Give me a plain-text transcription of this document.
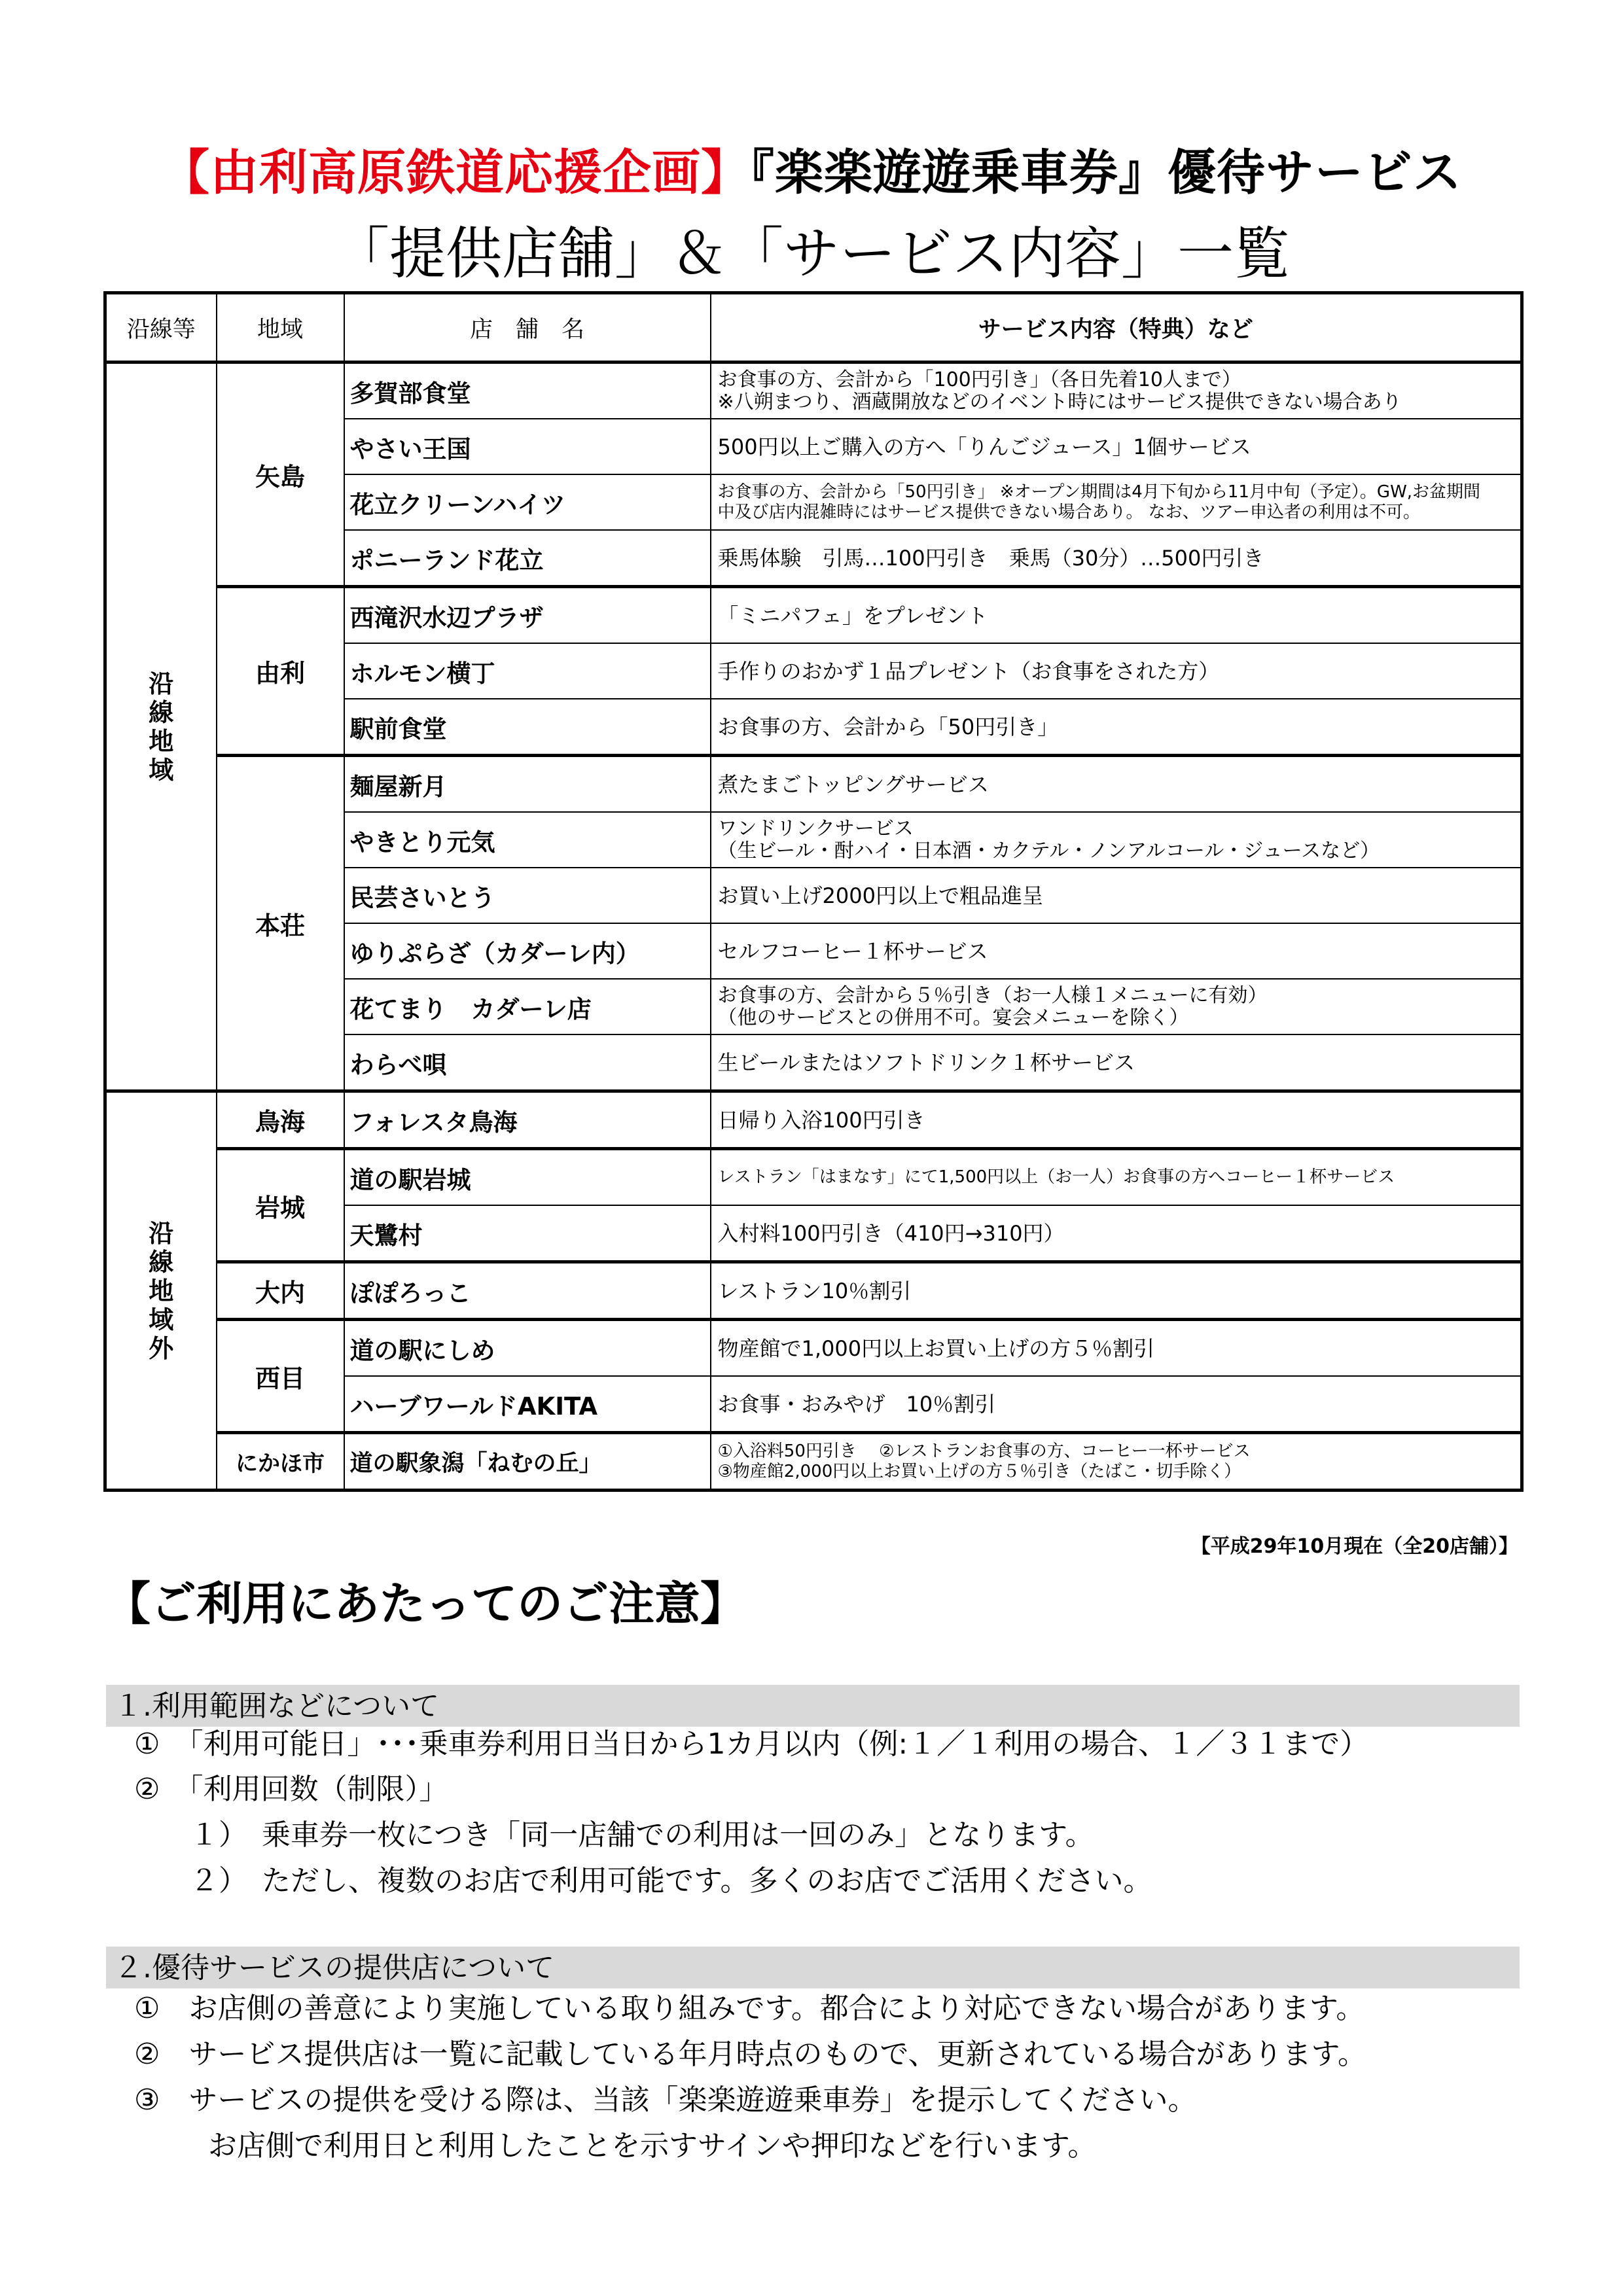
【由利高原鉄道応援企画】『楽楽遊遊乗車券』優待サービス
「提供店舗」＆「サービス内容」一覧
沿線等	地域	店　舗　名	サービス内容（特典）など
沿線地域	矢島	多賀部食堂	お食事の方、会計から「100円引き」（各日先着10人まで）
※八朔まつり、酒蔵開放などのイベント時にはサービス提供できない場合あり
		やさい王国	500円以上ご購入の方へ「りんごジュース」1個サービス
		花立クリーンハイツ	お食事の方、会計から「50円引き」 ※オープン期間は4月下旬から11月中旬（予定）。GW,お盆期間
中及び店内混雑時にはサービス提供できない場合あり。 なお、ツアー申込者の利用は不可。
		ポニーランド花立	乗馬体験　引馬…100円引き　乗馬（30分）…500円引き
	由利	西滝沢水辺プラザ	「ミニパフェ」をプレゼント
		ホルモン横丁	手作りのおかず１品プレゼント（お食事をされた方）
		駅前食堂	お食事の方、会計から「50円引き」
	本荘	麺屋新月	煮たまごトッピングサービス
		やきとり元気	ワンドリンクサービス
（生ビール・酎ハイ・日本酒・カクテル・ノンアルコール・ジュースなど）
		民芸さいとう	お買い上げ2000円以上で粗品進呈
		ゆりぷらざ（カダーレ内）	セルフコーヒー１杯サービス
		花てまり　カダーレ店	お食事の方、会計から５％引き（お一人様１メニューに有効）
（他のサービスとの併用不可。宴会メニューを除く）
		わらべ唄	生ビールまたはソフトドリンク１杯サービス
沿線地域外	鳥海	フォレスタ鳥海	日帰り入浴100円引き
	岩城	道の駅岩城	レストラン「はまなす」にて1,500円以上（お一人）お食事の方へコーヒー１杯サービス
		天鷺村	入村料100円引き（410円→310円）
	大内	ぽぽろっこ	レストラン10％割引
	西目	道の駅にしめ	物産館で1,000円以上お買い上げの方５％割引
		ハーブワールドAKITA	お食事・おみやげ　10％割引
	にかほ市	道の駅象潟「ねむの丘」	①入浴料50円引き　 ②レストランお食事の方、コーヒー一杯サービス
③物産館2,000円以上お買い上げの方５％引き（たばこ・切手除く）
【平成29年10月現在（全20店舗）】
【ご利用にあたってのご注意】
１.利用範囲などについて
①　「利用可能日」･･･乗車券利用日当日から1カ月以内（例:１／１利用の場合、１／３１まで）
②　「利用回数（制限）」
１）　乗車券一枚につき「同一店舗での利用は一回のみ」となります。
２）　ただし、複数のお店で利用可能です。多くのお店でご活用ください。
２.優待サービスの提供店について
①　お店側の善意により実施している取り組みです。都合により対応できない場合があります。
②　サービス提供店は一覧に記載している年月時点のもので、更新されている場合があります。
③　サービスの提供を受ける際は、当該「楽楽遊遊乗車券」を提示してください。
お店側で利用日と利用したことを示すサインや押印などを行います。
